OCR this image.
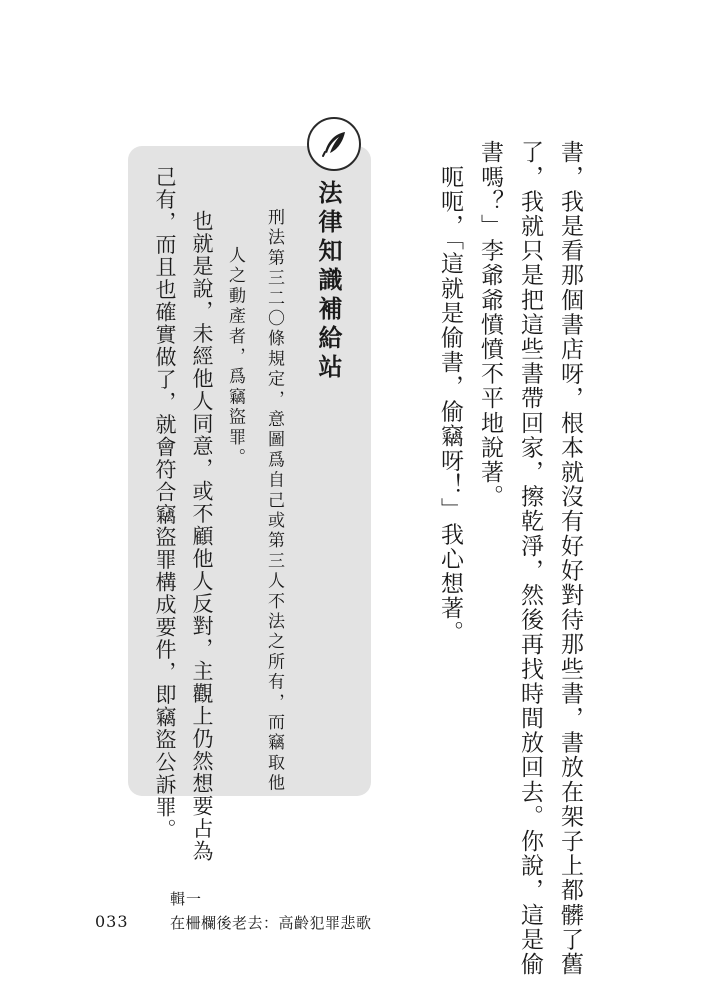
書，我是看那個書店呀，根本就沒有好好對待那些書，書放在架子上都髒了舊
了，我就只是把這些書帶回家，擦乾淨，然後再找時間放回去。你說，這是偷
書嗎？」李爺爺憤憤不平地說著。
　呃呃，「這就是偷書，偷竊呀！」我心想著。
法律知識補給站
刑法第三二〇條規定，意圖爲自己或第三人不法之所有，而竊取他
人之動產者，爲竊盜罪。
也就是說，未經他人同意，或不顧他人反對，主觀上仍然想要占為
己有，而且也確實做了，就會符合竊盜罪構成要件，即竊盜公訴罪。
輯一
033	在柵欄後老去：高齡犯罪悲歌
